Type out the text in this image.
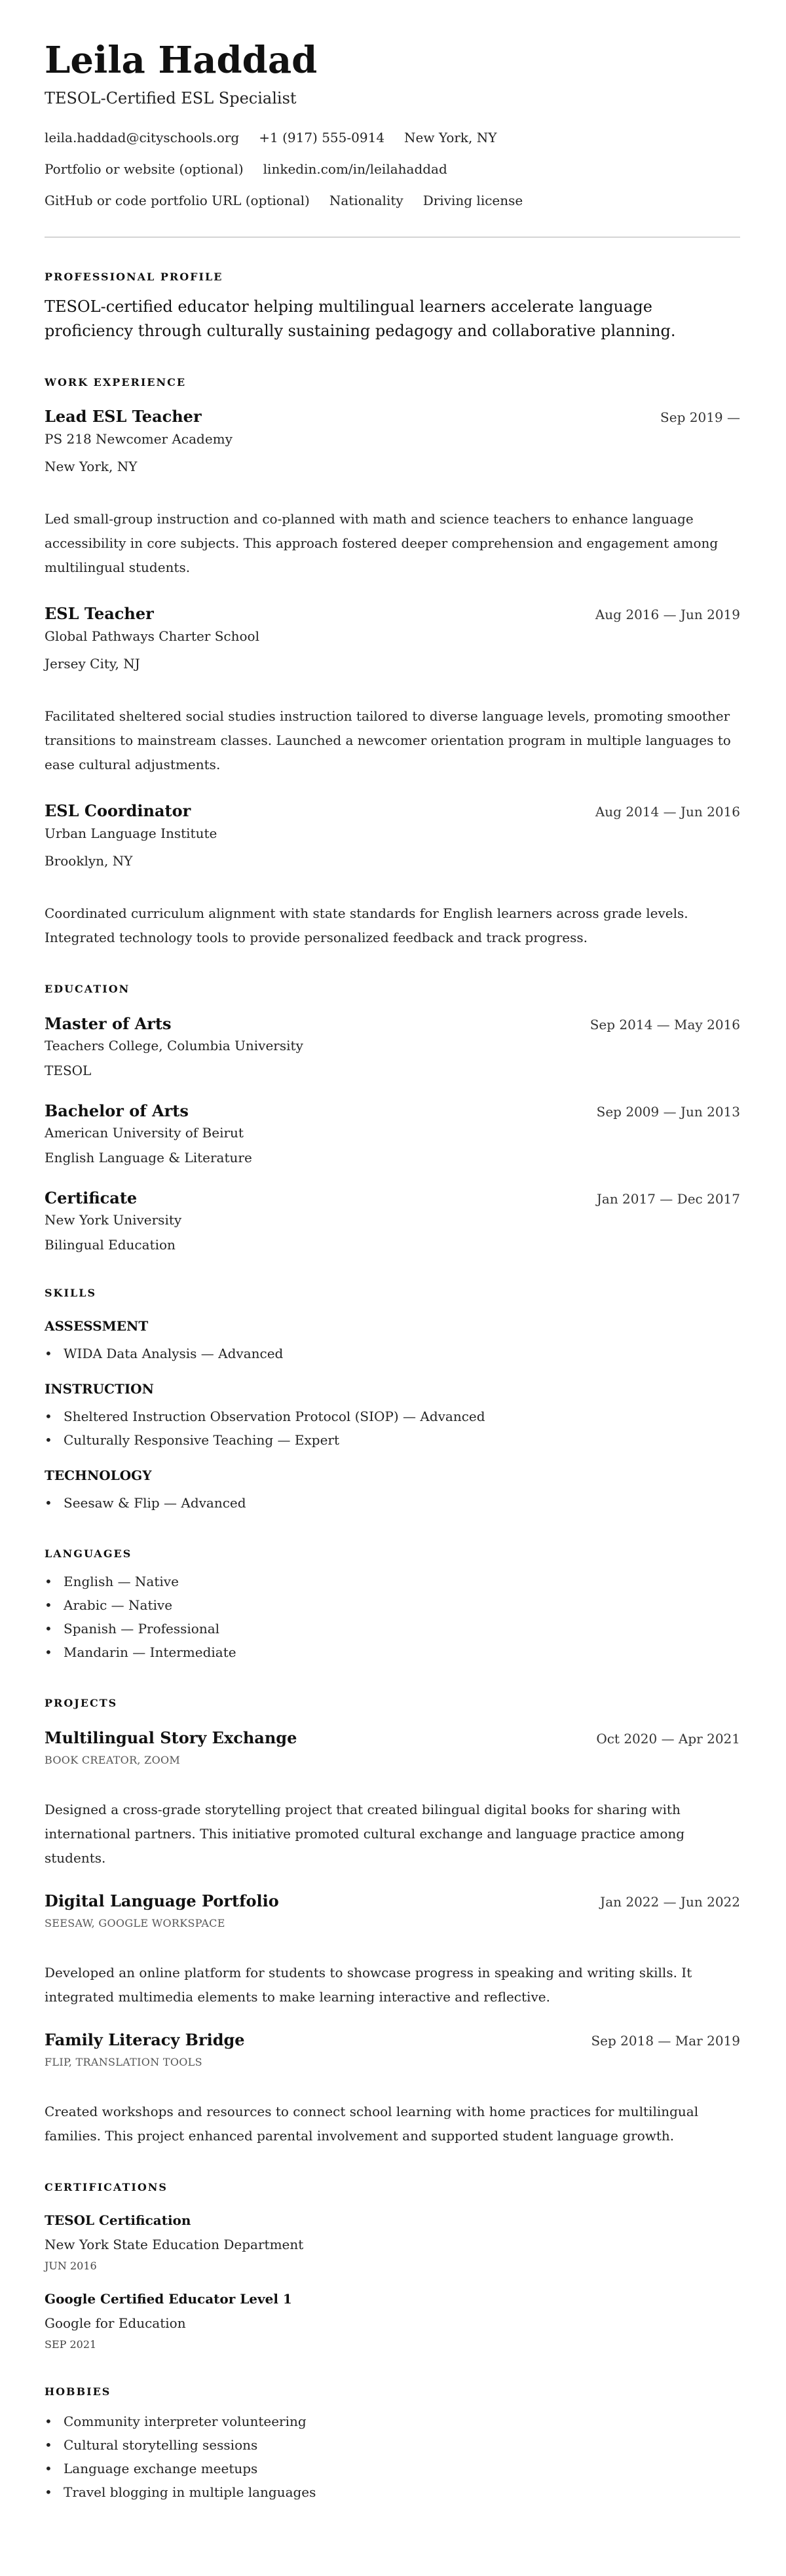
Leila Haddad
TESOL-Certified ESL Specialist
leila.haddad@cityschools.org +1 (917) 555-0914 New York, NY
Portfolio or website (optional) linkedin.com/in/leilahaddad
GitHub or code portfolio URL (optional) Nationality Driving license
PROFESSIONAL PROFILE
TESOL-certified educator helping multilingual learners accelerate language proficiency through culturally sustaining pedagogy and collaborative planning.
WORK EXPERIENCE
Lead ESL Teacher	Sep 2019 —
PS 218 Newcomer Academy
New York, NY
Led small-group instruction and co-planned with math and science teachers to enhance language accessibility in core subjects. This approach fostered deeper comprehension and engagement among multilingual students.
ESL Teacher	Aug 2016 — Jun 2019
Global Pathways Charter School
Jersey City, NJ
Facilitated sheltered social studies instruction tailored to diverse language levels, promoting smoother transitions to mainstream classes. Launched a newcomer orientation program in multiple languages to ease cultural adjustments.
ESL Coordinator	Aug 2014 — Jun 2016
Urban Language Institute
Brooklyn, NY
Coordinated curriculum alignment with state standards for English learners across grade levels. Integrated technology tools to provide personalized feedback and track progress.
EDUCATION
Master of Arts	Sep 2014 — May 2016
Teachers College, Columbia University
TESOL
Bachelor of Arts	Sep 2009 — Jun 2013
American University of Beirut
English Language & Literature
Certificate	Jan 2017 — Dec 2017
New York University
Bilingual Education
SKILLS
ASSESSMENT
• WIDA Data Analysis — Advanced
INSTRUCTION
• Sheltered Instruction Observation Protocol (SIOP) — Advanced
• Culturally Responsive Teaching — Expert
TECHNOLOGY
• Seesaw & Flip — Advanced
LANGUAGES
• English — Native
• Arabic — Native
• Spanish — Professional
• Mandarin — Intermediate
PROJECTS
Multilingual Story Exchange	Oct 2020 — Apr 2021
BOOK CREATOR, ZOOM
Designed a cross-grade storytelling project that created bilingual digital books for sharing with international partners. This initiative promoted cultural exchange and language practice among students.
Digital Language Portfolio	Jan 2022 — Jun 2022
SEESAW, GOOGLE WORKSPACE
Developed an online platform for students to showcase progress in speaking and writing skills. It integrated multimedia elements to make learning interactive and reflective.
Family Literacy Bridge	Sep 2018 — Mar 2019
FLIP, TRANSLATION TOOLS
Created workshops and resources to connect school learning with home practices for multilingual families. This project enhanced parental involvement and supported student language growth.
CERTIFICATIONS
TESOL Certification
New York State Education Department
JUN 2016
Google Certified Educator Level 1
Google for Education
SEP 2021
HOBBIES
• Community interpreter volunteering
• Cultural storytelling sessions
• Language exchange meetups
• Travel blogging in multiple languages
